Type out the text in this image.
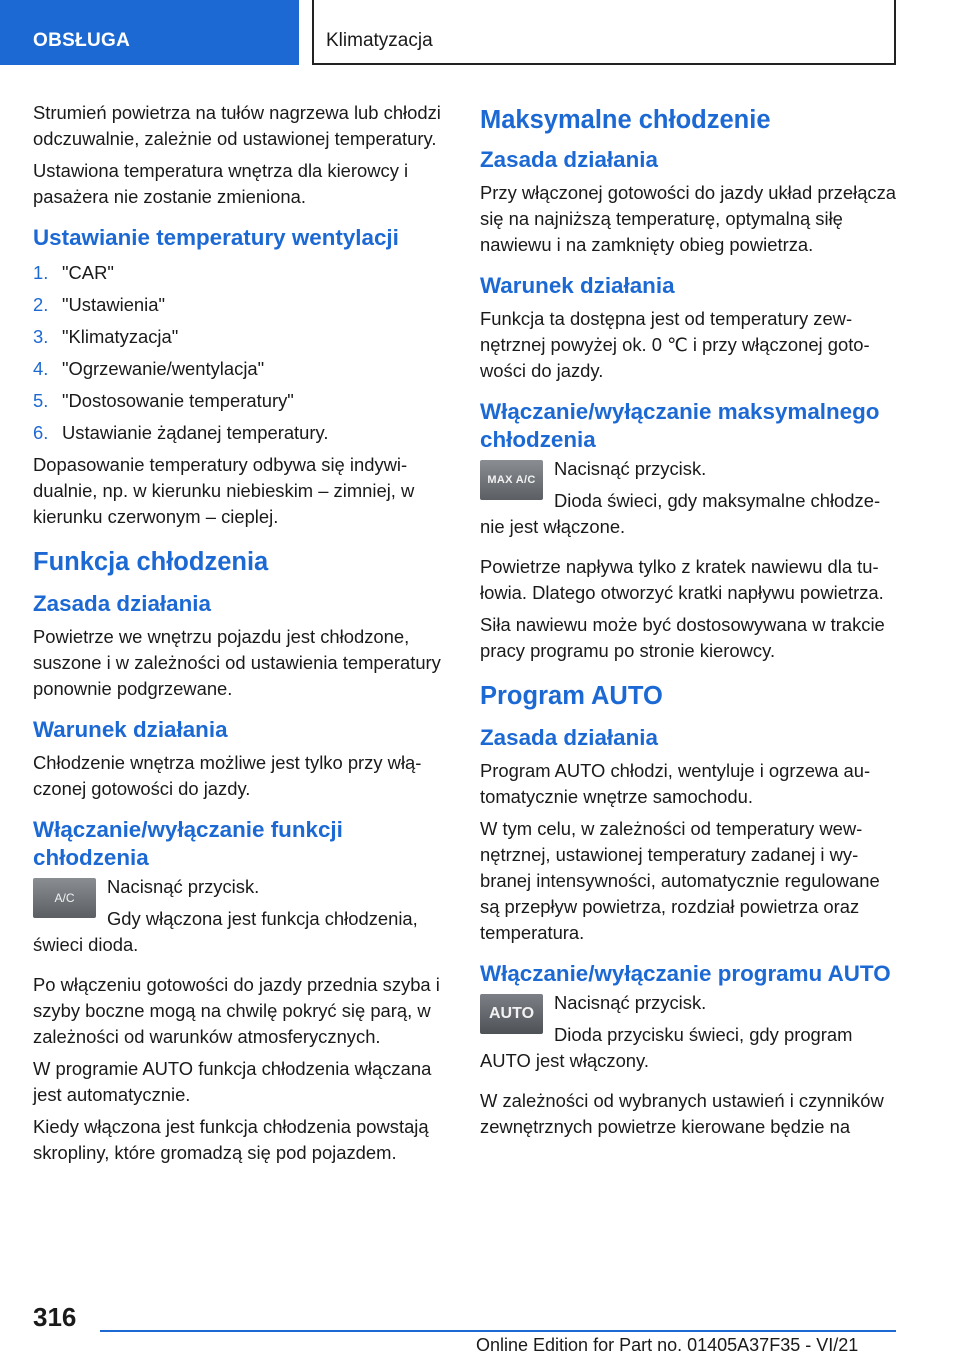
OBSŁUGA	Klimatyzacja

Strumień powietrza na tułów nagrzewa lub chłodzi odczuwalnie, zależnie od ustawionej temperatury.

Ustawiona temperatura wnętrza dla kierowcy i pasażera nie zostanie zmieniona.

Ustawianie temperatury wentylacji
1. "CAR"
2. "Ustawienia"
3. "Klimatyzacja"
4. "Ogrzewanie/wentylacja"
5. "Dostosowanie temperatury"
6. Ustawianie żądanej temperatury.

Dopasowanie temperatury odbywa się indywidualnie, np. w kierunku niebieskim – zimniej, w kierunku czerwonym – cieplej.

Funkcja chłodzenia
Zasada działania

Powietrze we wnętrzu pojazdu jest chłodzone, suszone i w zależności od ustawienia temperatury ponownie podgrzewane.

Warunek działania

Chłodzenie wnętrza możliwe jest tylko przy włączonej gotowości do jazdy.

Włączanie/wyłączanie funkcji chłodzenia
A/C

Nacisnąć przycisk.

Gdy włączona jest funkcja chłodzenia, świeci dioda.

Po włączeniu gotowości do jazdy przednia szyba i szyby boczne mogą na chwilę pokryć się parą, w zależności od warunków atmosferycznych.

W programie AUTO funkcja chłodzenia włączana jest automatycznie.

Kiedy włączona jest funkcja chłodzenia powstają skropliny, które gromadzą się pod pojazdem.

Maksymalne chłodzenie
Zasada działania

Przy włączonej gotowości do jazdy układ przełącza się na najniższą temperaturę, optymalną siłę nawiewu i na zamknięty obieg powietrza.

Warunek działania

Funkcja ta dostępna jest od temperatury zewnętrznej powyżej ok. 0 ℃ i przy włączonej gotowości do jazdy.

Włączanie/wyłączanie maksymalnego chłodzenia
MAX A/C

Nacisnąć przycisk.

Dioda świeci, gdy maksymalne chłodzenie jest włączone.

Powietrze napływa tylko z kratek nawiewu dla tułowia. Dlatego otworzyć kratki napływu powietrza.

Siła nawiewu może być dostosowywana w trakcie pracy programu po stronie kierowcy.

Program AUTO
Zasada działania

Program AUTO chłodzi, wentyluje i ogrzewa automatycznie wnętrze samochodu.

W tym celu, w zależności od temperatury wewnętrznej, ustawionej temperatury zadanej i wybranej intensywności, automatycznie regulowane są przepływ powietrza, rozdział powietrza oraz temperatura.

Włączanie/wyłączanie programu AUTO
AUTO

Nacisnąć przycisk.

Dioda przycisku świeci, gdy program AUTO jest włączony.

W zależności od wybranych ustawień i czynników zewnętrznych powietrze kierowane będzie na

316
Online Edition for Part no. 01405A37F35 - VI/21
